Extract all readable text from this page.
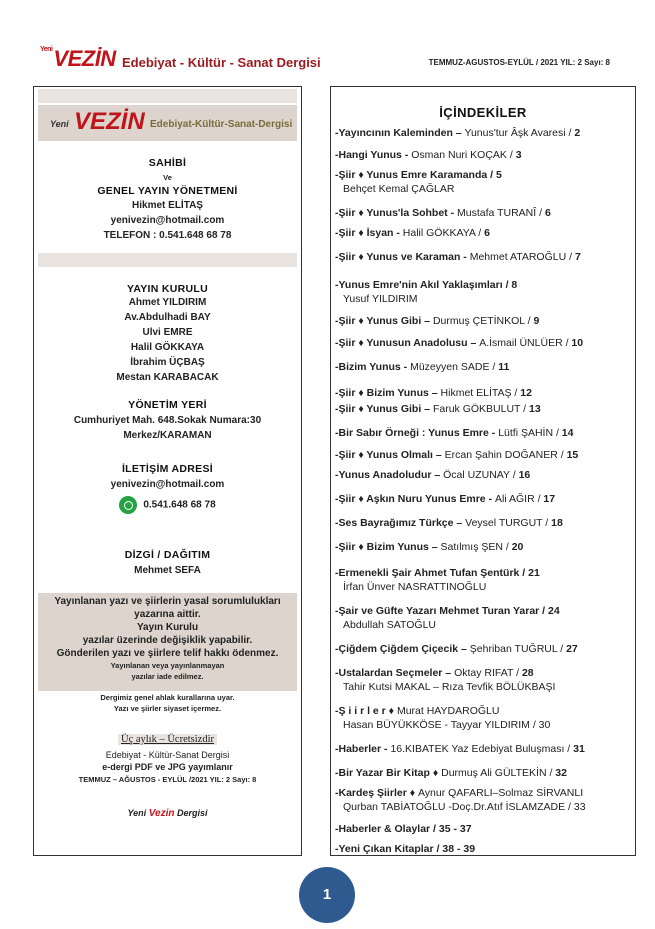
$^{Yeni}$VEZİN Edebiyat - Kültür - Sanat Dergisi	TEMMUZ-AGUSTOS-EYLÜL / 2021 YIL: 2 Sayı: 8
Yeni VEZİN Edebiyat-Kültür-Sanat-Dergisi
SAHİBİ
Ve
GENEL YAYIN YÖNETMENİ
Hikmet ELİTAŞ
yenivezin@hotmail.com
TELEFON : 0.541.648 68 78
YAYIN KURULU
Ahmet YILDIRIM
Av.Abdulhadi BAY
Ulvi EMRE
Halil GÖKKAYA
İbrahim ÜÇBAŞ
Mestan KARABACAK
YÖNETİM YERİ
Cumhuriyet Mah. 648.Sokak Numara:30
Merkez/KARAMAN
İLETİŞİM ADRESİ
yenivezin@hotmail.com
0.541.648 68 78
DİZGİ / DAĞITIM
Mehmet SEFA
Yayınlanan yazı ve şiirlerin yasal sorumlulukları
yazarına aittir.
Yayın Kurulu
yazılar üzerinde değişiklik yapabilir.
Gönderilen yazı ve şiirlere telif hakkı ödenmez.
Yayınlanan veya yayınlanmayan
yazılar iade edilmez.
Dergimiz genel ahlak kurallarına uyar.
Yazı ve şiirler siyaset içermez.
Üç aylık – Ücretsizdir
Edebiyat - Kültür-Sanat Dergisi
e-dergi PDF ve JPG yayımlanır
TEMMUZ – AĞUSTOS - EYLÜL /2021 YIL: 2 Sayı: 8
Yeni Vezin Dergisi
İÇİNDEKİLER
-Yayıncının Kaleminden – Yunus'tur Âşk Avaresi / 2
-Hangi Yunus - Osman Nuri KOÇAK / 3
-Şiir ♦ Yunus Emre Karamanda / 5
Behçet Kemal ÇAĞLAR
-Şiir ♦ Yunus'la Sohbet - Mustafa TURANÎ / 6
-Şiir ♦ İsyan - Halil GÖKKAYA / 6
-Şiir ♦ Yunus ve Karaman - Mehmet ATAROĞLU / 7
-Yunus Emre'nin Akıl Yaklaşımları / 8
Yusuf YILDIRIM
-Şiir ♦ Yunus Gibi – Durmuş ÇETİNKOL / 9
-Şiir ♦ Yunusun Anadolusu – A.İsmail ÜNLÜER / 10
-Bizim Yunus - Müzeyyen SADE / 11
-Şiir ♦ Bizim Yunus – Hikmet ELİTAŞ / 12
-Şiir ♦ Yunus Gibi – Faruk GÖKBULUT / 13
-Bir Sabır Örneği : Yunus Emre - Lütfi ŞAHİN / 14
-Şiir ♦ Yunus Olmalı – Ercan Şahin DOĞANER / 15
-Yunus Anadoludur – Öcal UZUNAY / 16
-Şiir ♦ Aşkın Nuru Yunus Emre - Ali AĞIR / 17
-Ses Bayrağımız Türkçe – Veysel TURGUT / 18
-Şiir ♦ Bizim Yunus – Satılmış ŞEN / 20
-Ermenekli Şair Ahmet Tufan Şentürk / 21
İrfan Ünver NASRATTINOĞLU
-Şair ve Güfte Yazarı Mehmet Turan Yarar / 24
Abdullah SATOĞLU
-Çiğdem Çiğdem Çiçecik – Şehriban TUĞRUL / 27
-Ustalardan Seçmeler – Oktay RIFAT / 28
Tahir Kutsi MAKAL – Rıza Tevfik BÖLÜKBAŞI
-Ş i i r l e r ♦ Murat HAYDAROĞLU
Hasan BÜYÜKKÖSE - Tayyar YILDIRIM / 30
-Haberler - 16.KIBATEK Yaz Edebiyat Buluşması / 31
-Bir Yazar Bir Kitap ♦ Durmuş Ali GÜLTEKİN / 32
-Kardeş Şiirler ♦ Aynur QAFARLI–Solmaz SİRVANLI
Qurban TABİATOĞLU -Doç.Dr.Atıf İSLAMZADE / 33
-Haberler & Olaylar / 35 - 37
-Yeni Çıkan Kitaplar / 38 - 39
1
